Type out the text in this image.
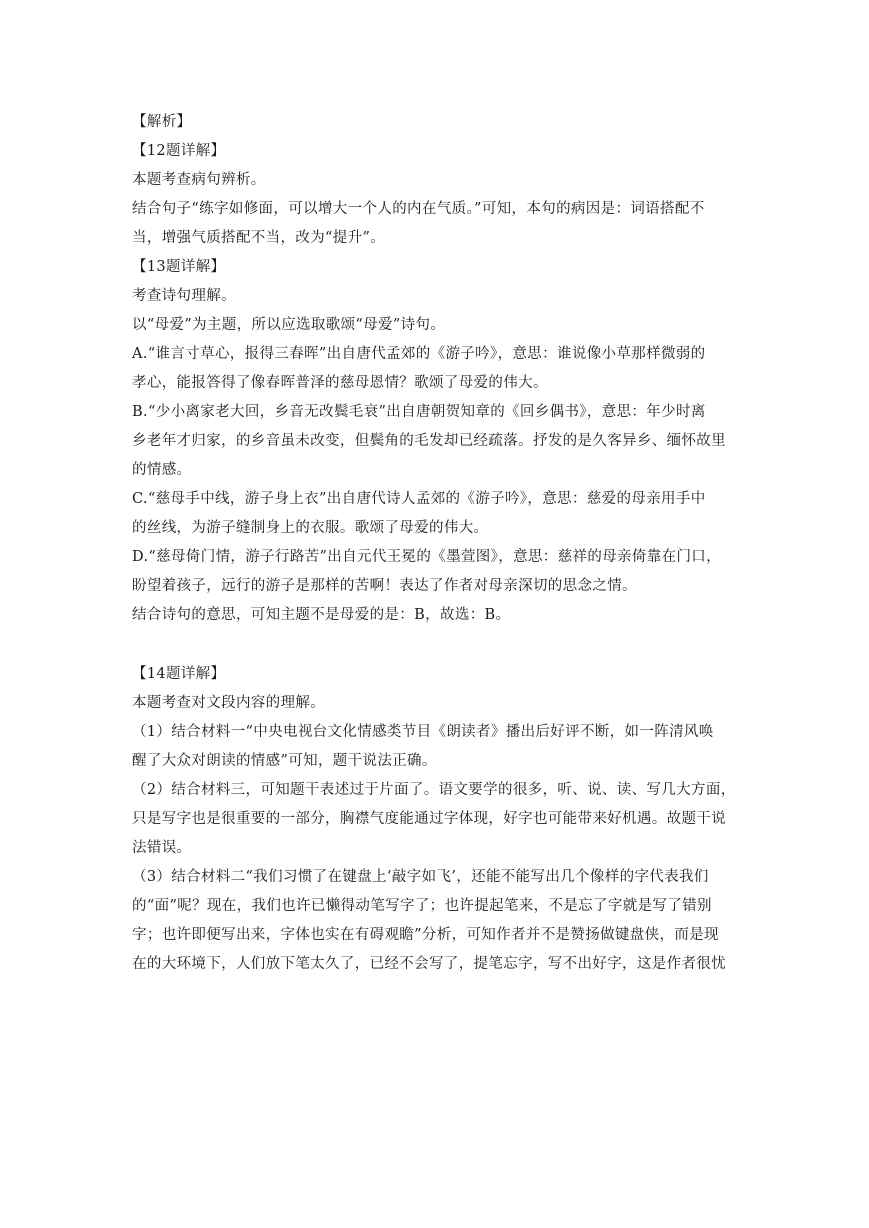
【解析】
【12题详解】
本题考查病句辨析。
结合句子“练字如修面，可以增大一个人的内在气质。”可知，本句的病因是：词语搭配不
当，增强气质搭配不当，改为“提升”。
【13题详解】
考查诗句理解。
以“母爱”为主题，所以应选取歌颂“母爱”诗句。
A.“谁言寸草心，报得三春晖”出自唐代孟郊的《游子吟》，意思：谁说像小草那样微弱的
孝心，能报答得了像春晖普泽的慈母恩情？歌颂了母爱的伟大。
B.“少小离家老大回，乡音无改鬓毛衰”出自唐朝贺知章的《回乡偶书》，意思：年少时离
乡老年才归家，的乡音虽未改变，但鬓角的毛发却已经疏落。抒发的是久客异乡、缅怀故里
的情感。
C.“慈母手中线，游子身上衣”出自唐代诗人孟郊的《游子吟》，意思：慈爱的母亲用手中
的丝线，为游子缝制身上的衣服。歌颂了母爱的伟大。
D.“慈母倚门情，游子行路苦”出自元代王冕的《墨萱图》，意思：慈祥的母亲倚靠在门口，
盼望着孩子，远行的游子是那样的苦啊！表达了作者对母亲深切的思念之情。
结合诗句的意思，可知主题不是母爱的是：B，故选：B。
【14题详解】
本题考查对文段内容的理解。
（1）结合材料一“中央电视台文化情感类节目《朗读者》播出后好评不断，如一阵清风唤
醒了大众对朗读的情感”可知，题干说法正确。
（2）结合材料三，可知题干表述过于片面了。语文要学的很多，听、说、读、写几大方面，
只是写字也是很重要的一部分，胸襟气度能通过字体现，好字也可能带来好机遇。故题干说
法错误。
（3）结合材料二“我们习惯了在键盘上‘敲字如飞’，还能不能写出几个像样的字代表我们
的“面”呢？现在，我们也许已懒得动笔写字了；也许提起笔来，不是忘了字就是写了错别
字；也许即便写出来，字体也实在有碍观瞻”分析，可知作者并不是赞扬做键盘侠，而是现
在的大环境下，人们放下笔太久了，已经不会写了，提笔忘字，写不出好字，这是作者很忧
